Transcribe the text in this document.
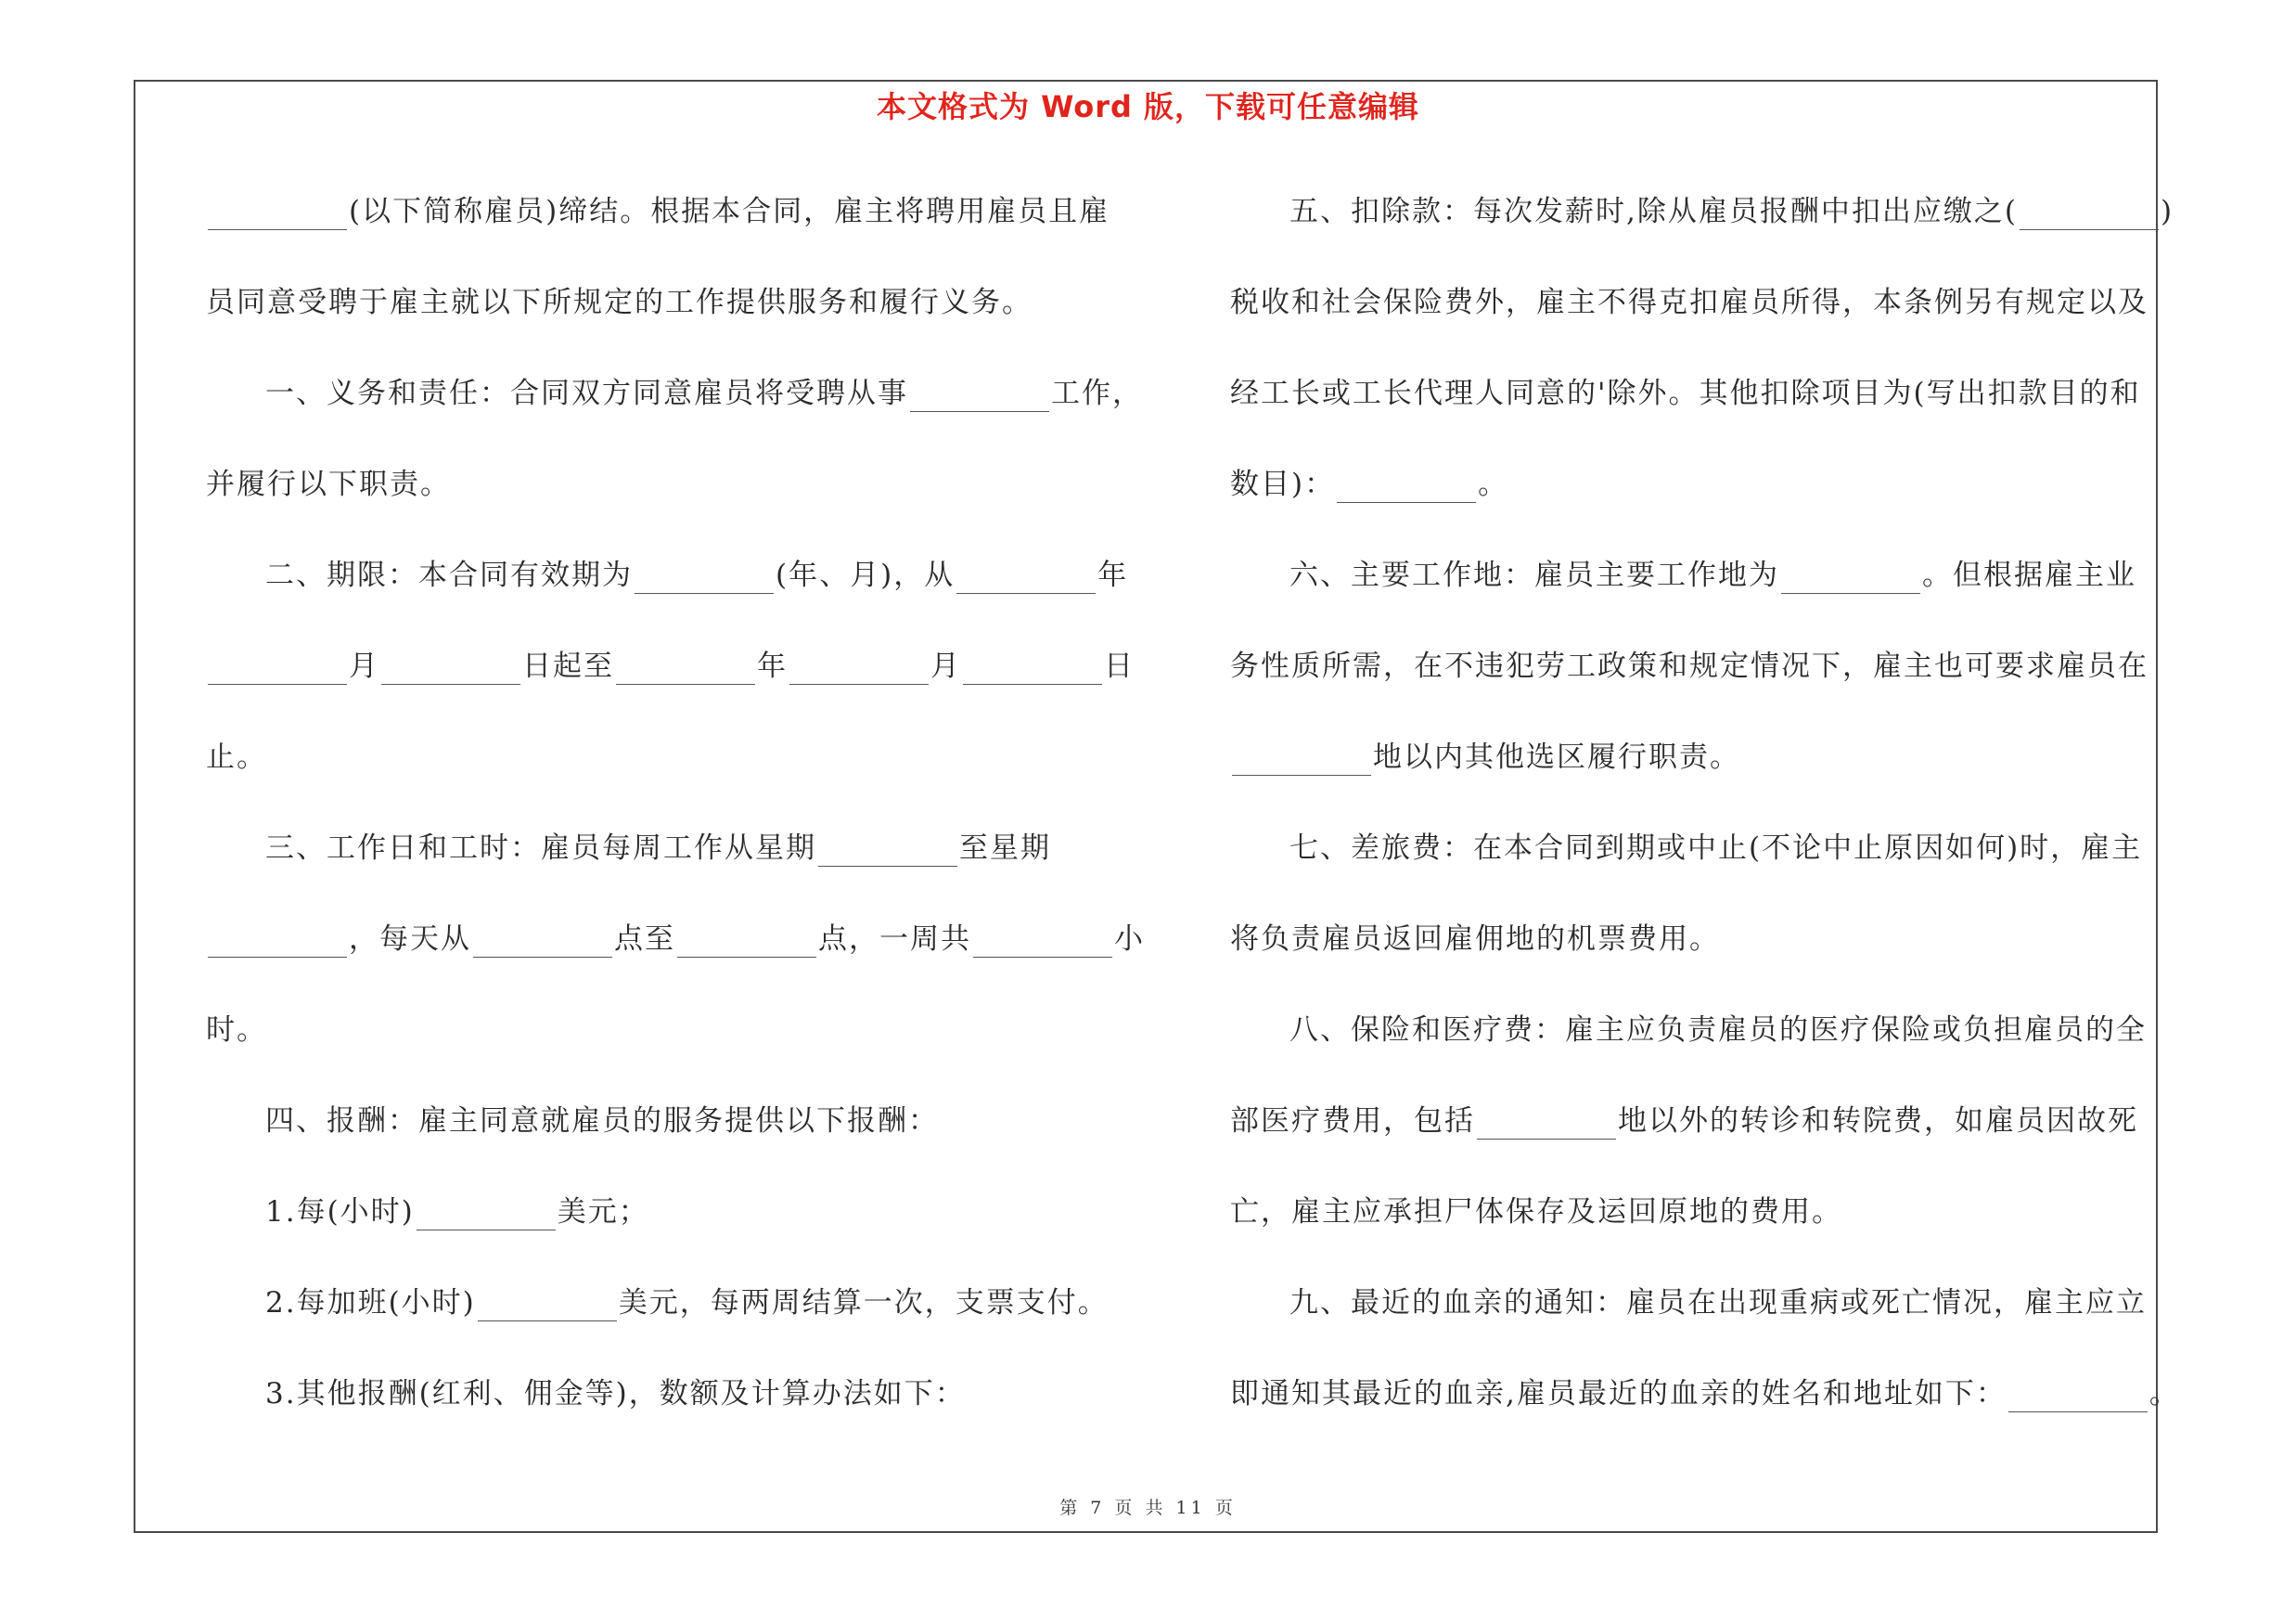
本文格式为 Word 版，下载可任意编辑
(以下简称雇员)缔结。根据本合同，雇主将聘用雇员且雇
员同意受聘于雇主就以下所规定的工作提供服务和履行义务。
一、义务和责任：合同双方同意雇员将受聘从事	工作，
并履行以下职责。
二、期限：本合同有效期为	(年、月)，从	年
月	日起至	年	月	日
止。
三、工作日和工时：雇员每周工作从星期	至星期
，每天从	点至	点，一周共	小
时。
四、报酬：雇主同意就雇员的服务提供以下报酬：
1.每(小时)	美元；
2.每加班(小时)	美元，每两周结算一次，支票支付。
3.其他报酬(红利、佣金等)，数额及计算办法如下：
五、扣除款：每次发薪时,除从雇员报酬中扣出应缴之(	)
税收和社会保险费外，雇主不得克扣雇员所得，本条例另有规定以及
经工长或工长代理人同意的'除外。其他扣除项目为(写出扣款目的和
数目)：	。
六、主要工作地：雇员主要工作地为	。但根据雇主业
务性质所需，在不违犯劳工政策和规定情况下，雇主也可要求雇员在
地以内其他选区履行职责。
七、差旅费：在本合同到期或中止(不论中止原因如何)时，雇主
将负责雇员返回雇佣地的机票费用。
八、保险和医疗费：雇主应负责雇员的医疗保险或负担雇员的全
部医疗费用，包括	地以外的转诊和转院费，如雇员因故死
亡，雇主应承担尸体保存及运回原地的费用。
九、最近的血亲的通知：雇员在出现重病或死亡情况，雇主应立
即通知其最近的血亲,雇员最近的血亲的姓名和地址如下：	。
第 7 页 共 11 页
